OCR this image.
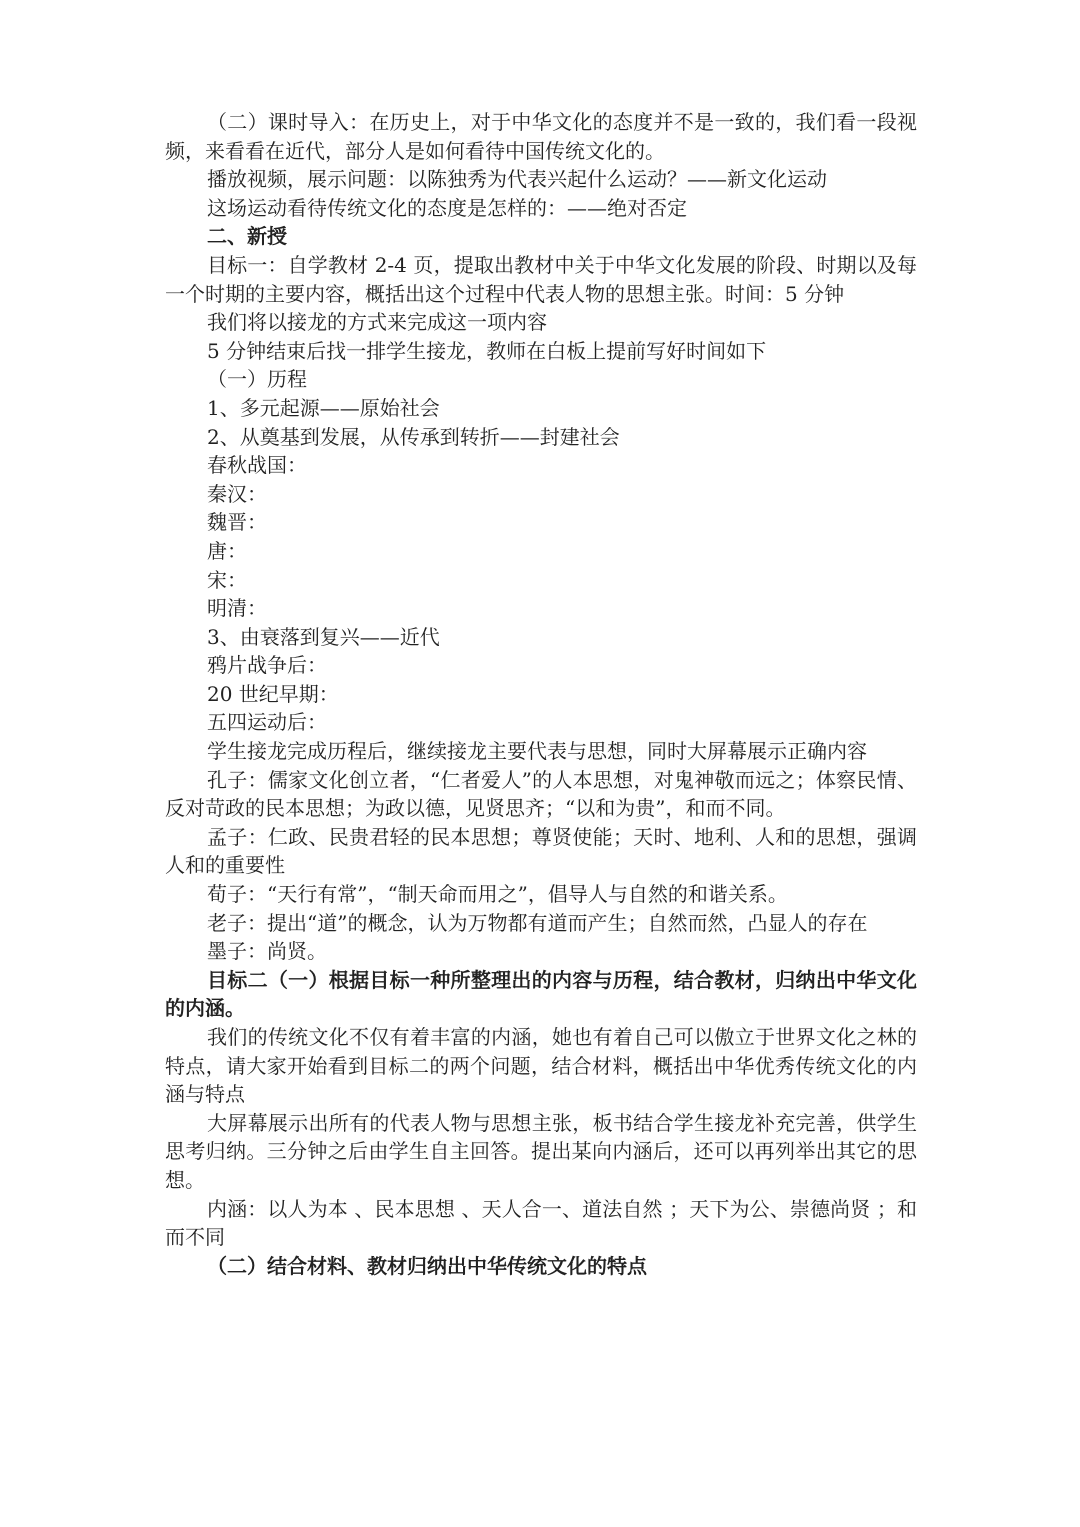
（二）课时导入：在历史上，对于中华文化的态度并不是一致的，我们看一段视频，来看看在近代，部分人是如何看待中国传统文化的。

播放视频，展示问题：以陈独秀为代表兴起什么运动？——新文化运动

这场运动看待传统文化的态度是怎样的：——绝对否定

二、新授

目标一：自学教材 2-4 页，提取出教材中关于中华文化发展的阶段、时期以及每一个时期的主要内容，概括出这个过程中代表人物的思想主张。时间：5 分钟

我们将以接龙的方式来完成这一项内容

5 分钟结束后找一排学生接龙，教师在白板上提前写好时间如下

（一）历程

1、多元起源——原始社会

2、从奠基到发展，从传承到转折——封建社会

春秋战国：

秦汉：

魏晋：

唐：

宋：

明清：

3、由衰落到复兴——近代

鸦片战争后：

20 世纪早期：

五四运动后：

学生接龙完成历程后，继续接龙主要代表与思想，同时大屏幕展示正确内容

孔子：儒家文化创立者，“仁者爱人”的人本思想，对鬼神敬而远之；体察民情、反对苛政的民本思想；为政以德，见贤思齐；“以和为贵”，和而不同。

孟子：仁政、民贵君轻的民本思想；尊贤使能；天时、地利、人和的思想，强调人和的重要性

荀子：“天行有常”，“制天命而用之”，倡导人与自然的和谐关系。

老子：提出“道”的概念，认为万物都有道而产生；自然而然，凸显人的存在

墨子：尚贤。

目标二（一）根据目标一种所整理出的内容与历程，结合教材，归纳出中华文化的内涵。

我们的传统文化不仅有着丰富的内涵，她也有着自己可以傲立于世界文化之林的特点，请大家开始看到目标二的两个问题，结合材料，概括出中华优秀传统文化的内涵与特点

大屏幕展示出所有的代表人物与思想主张，板书结合学生接龙补充完善，供学生思考归纳。三分钟之后由学生自主回答。提出某向内涵后，还可以再列举出其它的思想。

内涵：以人为本 、民本思想 、天人合一、道法自然 ；天下为公、崇德尚贤 ；和而不同

（二）结合材料、教材归纳出中华传统文化的特点
